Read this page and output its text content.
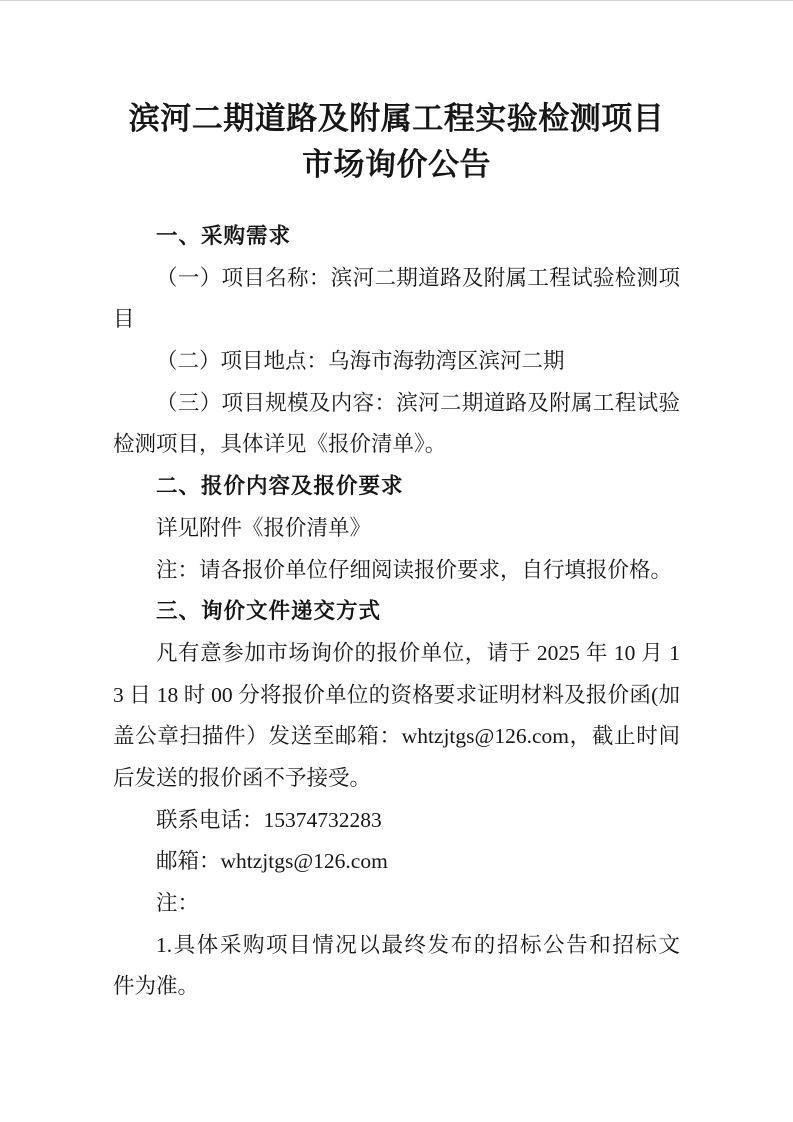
滨河二期道路及附属工程实验检测项目
市场询价公告
一、采购需求
（一）项目名称：滨河二期道路及附属工程试验检测项
目
（二）项目地点：乌海市海勃湾区滨河二期
（三）项目规模及内容：滨河二期道路及附属工程试验
检测项目，具体详见《报价清单》。
二、报价内容及报价要求
详见附件《报价清单》
注：请各报价单位仔细阅读报价要求，自行填报价格。
三、询价文件递交方式
凡有意参加市场询价的报价单位，请于 2025 年 10 月 1
3 日 18 时 00 分将报价单位的资格要求证明材料及报价函(加
盖公章扫描件）发送至邮箱：whtzjtgs@126.com，截止时间
后发送的报价函不予接受。
联系电话：15374732283
邮箱：whtzjtgs@126.com
注：
1.具体采购项目情况以最终发布的招标公告和招标文
件为准。
